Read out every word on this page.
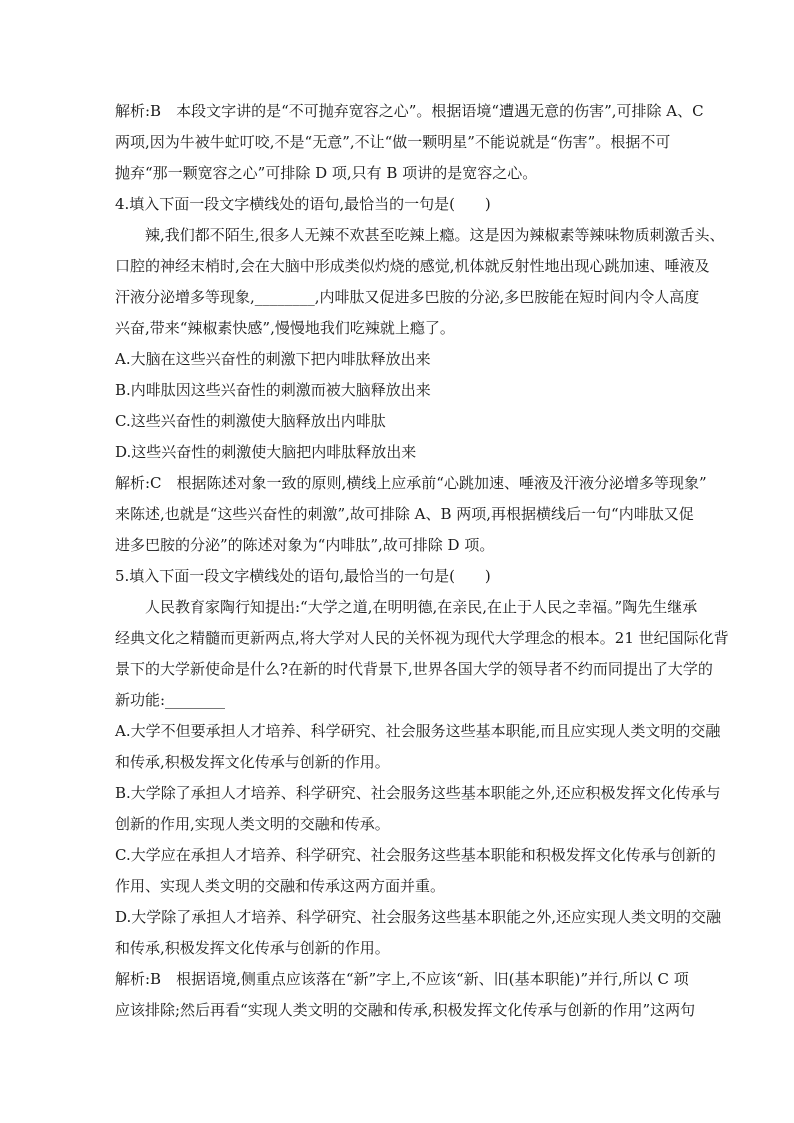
解析:B　本段文字讲的是“不可抛弃宽容之心”。根据语境“遭遇无意的伤害”,可排除 A、C
两项,因为牛被牛虻叮咬,不是“无意”,不让“做一颗明星”不能说就是“伤害”。根据不可
抛弃“那一颗宽容之心”可排除 D 项,只有 B 项讲的是宽容之心。
4.填入下面一段文字横线处的语句,最恰当的一句是(　　)
辣,我们都不陌生,很多人无辣不欢甚至吃辣上瘾。这是因为辣椒素等辣味物质刺激舌头、
口腔的神经末梢时,会在大脑中形成类似灼烧的感觉,机体就反射性地出现心跳加速、唾液及
汗液分泌增多等现象,________,内啡肽又促进多巴胺的分泌,多巴胺能在短时间内令人高度
兴奋,带来“辣椒素快感”,慢慢地我们吃辣就上瘾了。
A.大脑在这些兴奋性的刺激下把内啡肽释放出来
B.内啡肽因这些兴奋性的刺激而被大脑释放出来
C.这些兴奋性的刺激使大脑释放出内啡肽
D.这些兴奋性的刺激使大脑把内啡肽释放出来
解析:C　根据陈述对象一致的原则,横线上应承前“心跳加速、唾液及汗液分泌增多等现象”
来陈述,也就是“这些兴奋性的刺激”,故可排除 A、B 两项,再根据横线后一句“内啡肽又促
进多巴胺的分泌”的陈述对象为“内啡肽”,故可排除 D 项。
5.填入下面一段文字横线处的语句,最恰当的一句是(　　)
人民教育家陶行知提出:“大学之道,在明明德,在亲民,在止于人民之幸福。”陶先生继承
经典文化之精髓而更新两点,将大学对人民的关怀视为现代大学理念的根本。21 世纪国际化背
景下的大学新使命是什么?在新的时代背景下,世界各国大学的领导者不约而同提出了大学的
新功能:________
A.大学不但要承担人才培养、科学研究、社会服务这些基本职能,而且应实现人类文明的交融
和传承,积极发挥文化传承与创新的作用。
B.大学除了承担人才培养、科学研究、社会服务这些基本职能之外,还应积极发挥文化传承与
创新的作用,实现人类文明的交融和传承。
C.大学应在承担人才培养、科学研究、社会服务这些基本职能和积极发挥文化传承与创新的
作用、实现人类文明的交融和传承这两方面并重。
D.大学除了承担人才培养、科学研究、社会服务这些基本职能之外,还应实现人类文明的交融
和传承,积极发挥文化传承与创新的作用。
解析:B　根据语境,侧重点应该落在“新”字上,不应该“新、旧(基本职能)”并行,所以 C 项
应该排除;然后再看“实现人类文明的交融和传承,积极发挥文化传承与创新的作用”这两句
